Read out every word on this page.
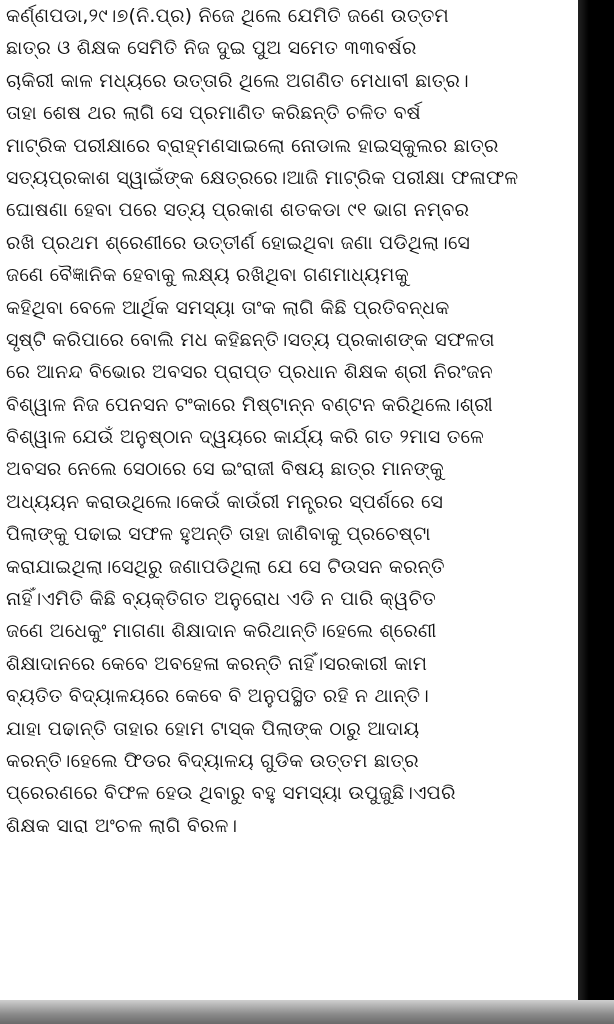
କର୍ଣ୍ଣପଡା,୨୯।୭(ନି.ପ୍ର) ନିଜେ ଥିଲେ ଯେମିତି ଜଣେ ଉତ୍ତମ
ଛାତ୍ର ଓ ଶିକ୍ଷକ ସେମିତି ନିଜ ଦୁଇ ପୁଅ ସମେତ ୩୩ବର୍ଷର
ଚାକିରୀ କାଳ ମଧ୍ୟରେ ଉତ୍ତାରି ଥିଲେ ଅଗଣିତ ମେଧାବୀ ଛାତ୍ର।
ତାହା ଶେଷ ଥର ଲାଗି ସେ ପ୍ରମାଣିତ କରିଛନ୍ତି ଚଳିତ ବର୍ଷ
ମାଟ୍ରିକ ପରୀକ୍ଷାରେ ବ୍ରାହ୍ମଣସାଇଲୋ ନୋଡାଲ ହାଇସ୍କୁଲର ଛାତ୍ର
ସତ୍ୟପ୍ରକାଶ ସ୍ୱାଇଁଙ୍କ କ୍ଷେତ୍ରରେ।ଆଜି ମାଟ୍ରିକ ପରୀକ୍ଷା ଫଳାଫଳ
ଘୋଷଣା ହେବା ପରେ ସତ୍ୟ ପ୍ରକାଶ ଶତକଡା ୯୧ ଭାଗ ନମ୍ବର
ରଖି ପ୍ରଥମ ଶ୍ରେଣୀରେ ଉତ୍ତୀର୍ଣ ହୋଇଥିବା ଜଣା ପଡିଥିଲା।ସେ
ଜଣେ ବୈଜ୍ଞାନିକ ହେବାକୁ ଲକ୍ଷ୍ୟ ରଖିଥିବା ଗଣମାଧ୍ୟମକୁ
କହିଥିବା ବେଳେ ଆର୍ଥିକ ସମସ୍ୟା ତାଂକ ଲାଗି କିଛି ପ୍ରତିବନ୍ଧକ
ସୃଷ୍ଟି କରିପାରେ ବୋଲି ମଧ କହିଛନ୍ତି।ସତ୍ୟ ପ୍ରକାଶଙ୍କ ସଫଳତା
ରେ ଆନନ୍ଦ ବିଭୋର ଅବସର ପ୍ରାପ୍ତ ପ୍ରଧାନ ଶିକ୍ଷକ ଶ୍ରୀ ନିରଂଜନ
ବିଶ୍ୱାଳ ନିଜ ପେନସନ ଟଂକାରେ ମିଷ୍ଟାନ୍ନ ବଣ୍ଟନ କରିଥିଲେ।ଶ୍ରୀ
ବିଶ୍ୱାଳ ଯେଉଁ ଅନୁଷ୍ଠାନ ଦ୍ୱୟରେ କାର୍ଯ୍ୟ କରି ଗତ ୨ମାସ ତଳେ
ଅବସର ନେଲେ ସେଠାରେ ସେ ଇଂରାଜୀ ବିଷୟ ଛାତ୍ର ମାନଙ୍କୁ
ଅଧ୍ୟୟନ କରାଉଥିଲେ।କେଉଁ କାଉଁରୀ ମନ୍ତ୍ରର ସ୍ପର୍ଶରେ ସେ
ପିଲାଙ୍କୁ ପଢାଇ ସଫଳ ହୁଅନ୍ତି ତାହା ଜାଣିବାକୁ ପ୍ରଚେଷ୍ଟା
କରାଯାଇଥିଲା।ସେଥିରୁ ଜଣାପଡିଥିଲା ଯେ ସେ ଟିଉସନ କରନ୍ତି
ନାହିଁ।ଏମିତି କିଛି ବ୍ୟକ୍ତିଗତ ଅନୁରୋଧ ଏଡି ନ ପାରି କ୍ୱଚିତ
ଜଣେ ଅଧେକୁଂ ମାଗଣା ଶିକ୍ଷାଦାନ କରିଥାନ୍ତି।ହେଲେ ଶ୍ରେଣୀ
ଶିକ୍ଷାଦାନରେ କେବେ ଅବହେଳା କରନ୍ତି ନାହିଁ।ସରକାରୀ କାମ
ବ୍ୟତିତ ବିଦ୍ୟାଳୟରେ କେବେ ବି ଅନୁପସ୍ଥିତ ରହି ନ ଥାନ୍ତି।
ଯାହା ପଢାନ୍ତି ତାହାର ହୋମ ଟାସ୍କ ପିଲାଙ୍କ ଠାରୁ ଆଦାୟ
କରନ୍ତି।ହେଲେ ଫିଡର ବିଦ୍ୟାଳୟ ଗୁଡିକ ଉତ୍ତମ ଛାତ୍ର
ପ୍ରେରଣରେ ବିଫଳ ହେଉ ଥିବାରୁ ବହୁ ସମସ୍ୟା ଉପୁଜୁଛି।ଏପରି
ଶିକ୍ଷକ ସାରା ଅଂଚଳ ଲାଗି ବିରଳ।
